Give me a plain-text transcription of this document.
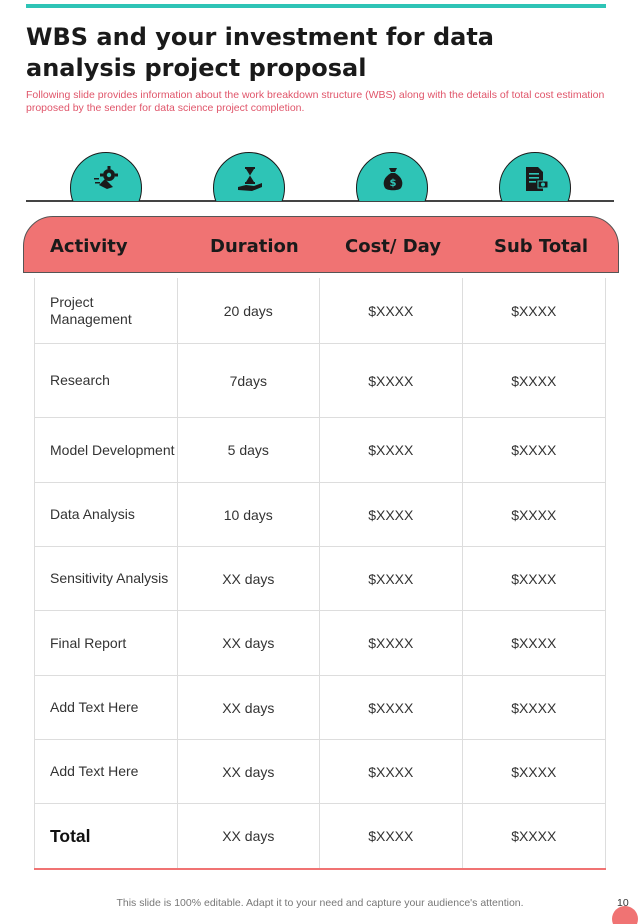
WBS and your investment for data analysis project proposal

Following slide provides information about the work breakdown structure (WBS) along with the details of total cost estimation proposed by the sender for data science project completion.

$
Activity	Duration	Cost/ Day	Sub Total
Project Management	20 days	$XXXX	$XXXX
Research	7days	$XXXX	$XXXX
Model Development	5 days	$XXXX	$XXXX
Data Analysis	10 days	$XXXX	$XXXX
Sensitivity Analysis	XX days	$XXXX	$XXXX
Final Report	XX days	$XXXX	$XXXX
Add Text Here	XX days	$XXXX	$XXXX
Add Text Here	XX days	$XXXX	$XXXX
Total	XX days	$XXXX	$XXXX
This slide is 100% editable. Adapt it to your need and capture your audience's attention.	10
